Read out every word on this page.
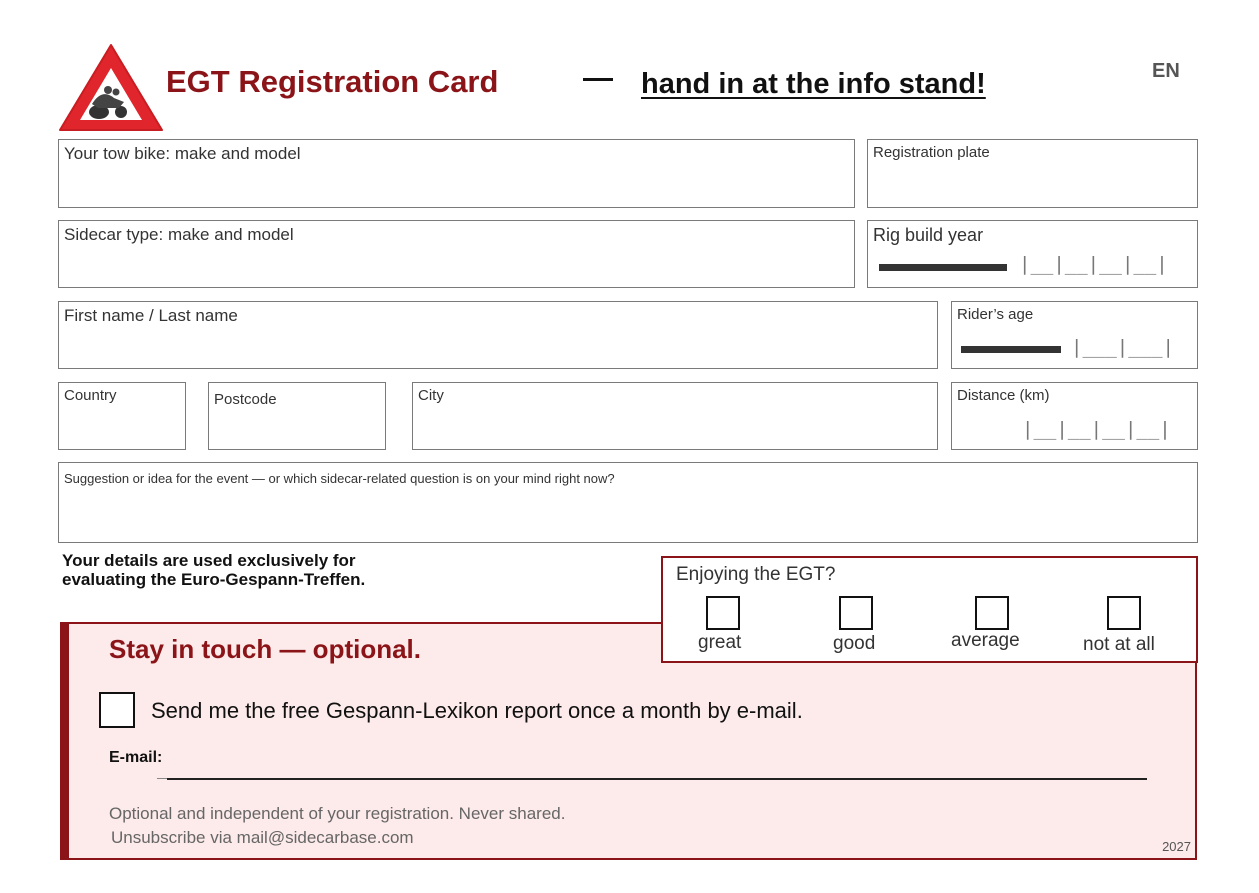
EGT Registration Card	hand in at the info stand!	EN
Your tow bike: make and model	Registration plate
Sidecar type: make and model	Rig build year
|__|__|__|__|
First name / Last name	Rider’s age
|___|___|
Country	Postcode	City	Distance (km)
|__|__|__|__|
Suggestion or idea for the event — or which sidecar-related question is on your mind right now?
Your details are used exclusively for
evaluating the Euro-Gespann-Treffen.
Stay in touch — optional.
Send me the free Gespann-Lexikon report once a month by e-mail.
E-mail:
Optional and independent of your registration. Never shared.
Unsubscribe via mail@sidecarbase.com	2027
Enjoying the EGT?
great	good	average	not at all
